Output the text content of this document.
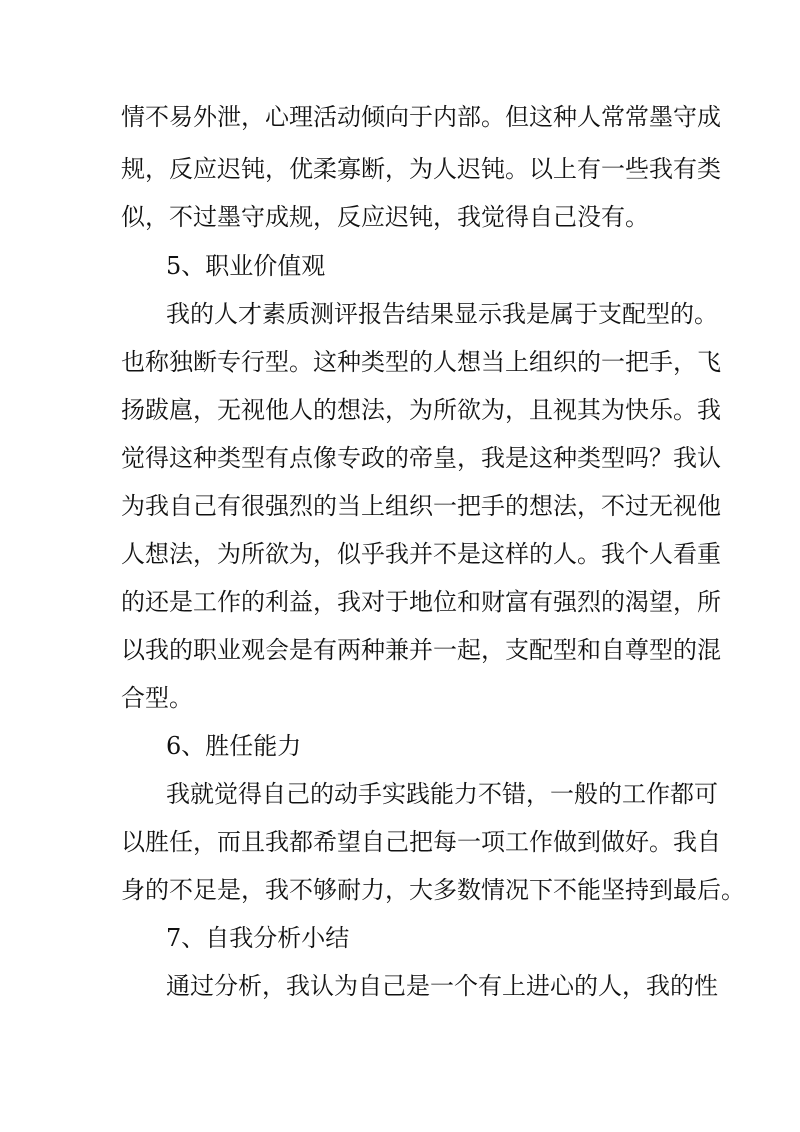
情不易外泄，心理活动倾向于内部。但这种人常常墨守成
规，反应迟钝，优柔寡断，为人迟钝。以上有一些我有类
似，不过墨守成规，反应迟钝，我觉得自己没有。
5、职业价值观
我的人才素质测评报告结果显示我是属于支配型的。
也称独断专行型。这种类型的人想当上组织的一把手，飞
扬跋扈，无视他人的想法，为所欲为，且视其为快乐。我
觉得这种类型有点像专政的帝皇，我是这种类型吗？我认
为我自己有很强烈的当上组织一把手的想法，不过无视他
人想法，为所欲为，似乎我并不是这样的人。我个人看重
的还是工作的利益，我对于地位和财富有强烈的渴望，所
以我的职业观会是有两种兼并一起，支配型和自尊型的混
合型。
6、胜任能力
我就觉得自己的动手实践能力不错，一般的工作都可
以胜任，而且我都希望自己把每一项工作做到做好。我自
身的不足是，我不够耐力，大多数情况下不能坚持到最后。
7、自我分析小结
通过分析，我认为自己是一个有上进心的人，我的性
